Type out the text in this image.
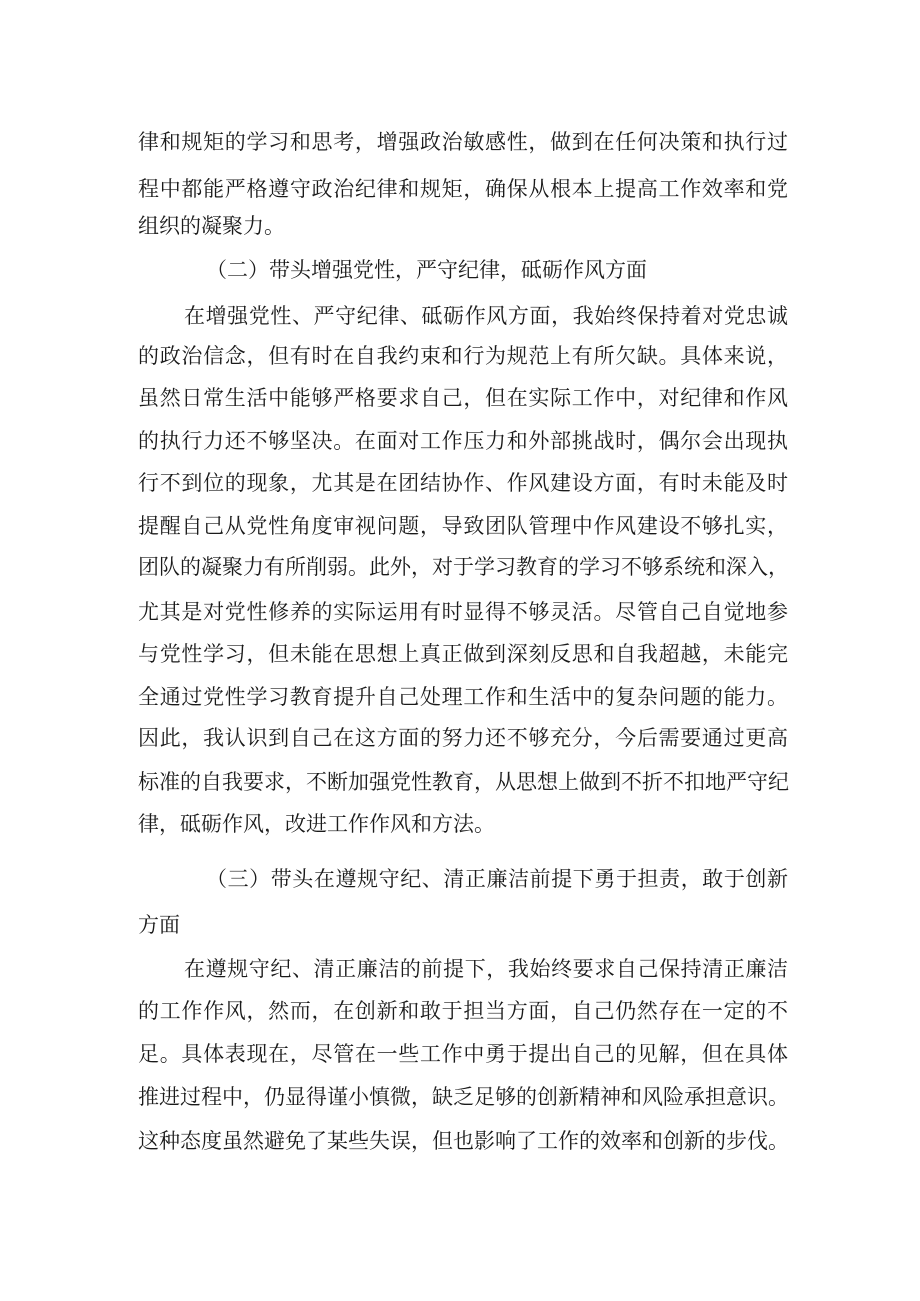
律和规矩的学习和思考，增强政治敏感性，做到在任何决策和执行过
程中都能严格遵守政治纪律和规矩，确保从根本上提高工作效率和党
组织的凝聚力。
（二）带头增强党性，严守纪律，砥砺作风方面
在增强党性、严守纪律、砥砺作风方面，我始终保持着对党忠诚
的政治信念，但有时在自我约束和行为规范上有所欠缺。具体来说，
虽然日常生活中能够严格要求自己，但在实际工作中，对纪律和作风
的执行力还不够坚决。在面对工作压力和外部挑战时，偶尔会出现执
行不到位的现象，尤其是在团结协作、作风建设方面，有时未能及时
提醒自己从党性角度审视问题，导致团队管理中作风建设不够扎实，
团队的凝聚力有所削弱。此外，对于学习教育的学习不够系统和深入，
尤其是对党性修养的实际运用有时显得不够灵活。尽管自己自觉地参
与党性学习，但未能在思想上真正做到深刻反思和自我超越，未能完
全通过党性学习教育提升自己处理工作和生活中的复杂问题的能力。
因此，我认识到自己在这方面的努力还不够充分，今后需要通过更高
标准的自我要求，不断加强党性教育，从思想上做到不折不扣地严守纪
律，砥砺作风，改进工作作风和方法。
（三）带头在遵规守纪、清正廉洁前提下勇于担责，敢于创新
方面
在遵规守纪、清正廉洁的前提下，我始终要求自己保持清正廉洁
的工作作风，然而，在创新和敢于担当方面，自己仍然存在一定的不
足。具体表现在，尽管在一些工作中勇于提出自己的见解，但在具体
推进过程中，仍显得谨小慎微，缺乏足够的创新精神和风险承担意识。
这种态度虽然避免了某些失误，但也影响了工作的效率和创新的步伐。
